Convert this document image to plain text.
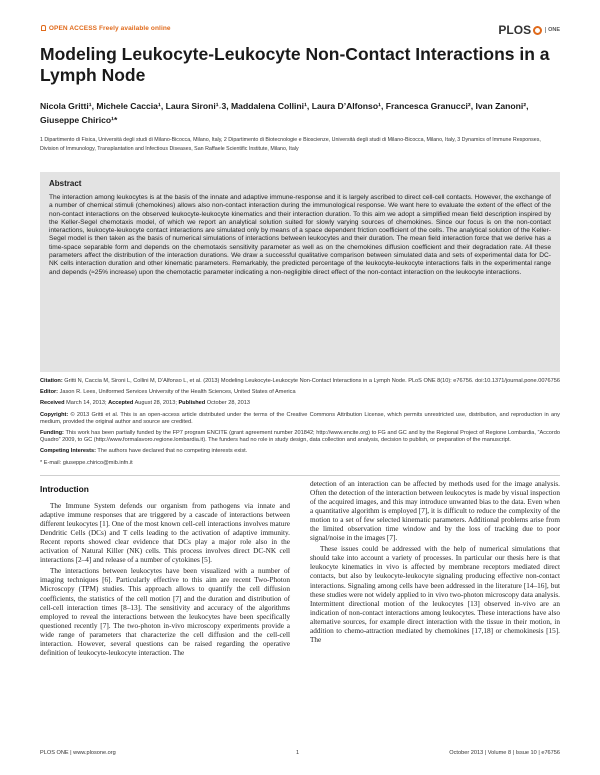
OPEN ACCESS Freely available online	PLOS	ONE
Modeling Leukocyte-Leukocyte Non-Contact Interactions in a Lymph Node
Nicola Gritti¹, Michele Caccia¹, Laura Sironi¹˒3, Maddalena Collini¹, Laura D’Alfonso¹, Francesca Granucci², Ivan Zanoni², Giuseppe Chirico¹*
1 Dipartimento di Fisica, Università degli studi di Milano-Bicocca, Milano, Italy, 2 Dipartimento di Biotecnologie e Bioscienze, Università degli studi di Milano-Bicocca, Milano, Italy, 3 Dynamics of Immune Responses, Division of Immunology, Transplantation and Infectious Diseases, San Raffaele Scientific Institute, Milano, Italy
Abstract

The interaction among leukocytes is at the basis of the innate and adaptive immune-response and it is largely ascribed to direct cell-cell contacts. However, the exchange of a number of chemical stimuli (chemokines) allows also non-contact interaction during the immunological response. We want here to evaluate the extent of the effect of the non-contact interactions on the observed leukocyte-leukocyte kinematics and their interaction duration. To this aim we adopt a simplified mean field description inspired by the Keller-Segel chemotaxis model, of which we report an analytical solution suited for slowly varying sources of chemokines. Since our focus is on the non-contact interactions, leukocyte-leukocyte contact interactions are simulated only by means of a space dependent friction coefficient of the cells. The analytical solution of the Keller-Segel model is then taken as the basis of numerical simulations of interactions between leukocytes and their duration. The mean field interaction force that we derive has a time-space separable form and depends on the chemotaxis sensitivity parameter as well as on the chemokines diffusion coefficient and their degradation rate. All these parameters affect the distribution of the interaction durations. We draw a successful qualitative comparison between simulated data and sets of experimental data for DC-NK cells interaction duration and other kinematic parameters. Remarkably, the predicted percentage of the leukocyte-leukocyte interactions falls in the experimental range and depends (≈25% increase) upon the chemotactic parameter indicating a non-negligible direct effect of the non-contact interaction on the leukocyte interactions.

Citation: Gritti N, Caccia M, Sironi L, Collini M, D’Alfonso L, et al. (2013) Modeling Leukocyte-Leukocyte Non-Contact Interactions in a Lymph Node. PLoS ONE 8(10): e76756. doi:10.1371/journal.pone.0076756

Editor: Jason R. Lees, Uniformed Services University of the Health Sciences, United States of America

Received March 14, 2013; Accepted August 28, 2013; Published October 28, 2013

Copyright: © 2013 Gritti et al. This is an open-access article distributed under the terms of the Creative Commons Attribution License, which permits unrestricted use, distribution, and reproduction in any medium, provided the original author and source are credited.

Funding: This work has been partially funded by the FP7 program ENCITE (grant agreement number 201842; http://www.encite.org) to FG and GC and by the Regional Project of Regione Lombardia, “Accordo Quadro” 2009, to GC (http://www.formalavoro.regione.lombardia.it). The funders had no role in study design, data collection and analysis, decision to publish, or preparation of the manuscript.

Competing Interests: The authors have declared that no competing interests exist.

* E-mail: giuseppe.chirico@mib.infn.it

Introduction

The Immune System defends our organism from pathogens via innate and adaptive immune responses that are triggered by a cascade of interactions between different leukocytes [1]. One of the most known cell-cell interactions involves mature Dendritic Cells (DCs) and T cells leading to the activation of adaptive immunity. Recent reports showed clear evidence that DCs play a major role also in the activation of Natural Killer (NK) cells. This process involves direct DC-NK cell interactions [2–4] and release of a number of cytokines [5].

The interactions between leukocytes have been visualized with a number of imaging techniques [6]. Particularly effective to this aim are recent Two-Photon Microscopy (TPM) studies. This approach allows to quantify the cell diffusion coefficients, the statistics of the cell motion [7] and the duration and distribution of cell-cell interaction times [8–13]. The sensitivity and accuracy of the algorithms employed to reveal the interactions between the leukocytes have been specifically questioned recently [7]. The two-photon in-vivo microscopy experiments provide a wide range of parameters that characterize the cell diffusion and the cell-cell interaction. However, several questions can be raised regarding the operative definition of leukocyte-leukocyte interaction. The

detection of an interaction can be affected by methods used for the image analysis. Often the detection of the interaction between leukocytes is made by visual inspection of the acquired images, and this may introduce unwanted bias to the data. Even when a quantitative algorithm is employed [7], it is difficult to reduce the complexity of the motion to a set of few selected kinematic parameters. Additional problems arise from the limited observation time window and by the loss of tracking due to poor signal/noise in the images [7].

These issues could be addressed with the help of numerical simulations that should take into account a variety of processes. In particular our thesis here is that leukocyte kinematics in vivo is affected by membrane receptors mediated direct contacts, but also by leukocyte-leukocyte signaling producing effective non-contact interactions. Signaling among cells have been addressed in the literature [14–16], but these studies were not widely applied to in vivo two-photon microscopy data analysis. Intermittent directional motion of the leukocytes [13] observed in-vivo are an indication of non-contact interactions among leukocytes. These interactions have also alternative sources, for example direct interaction with the tissue in their motion, in addition to chemo-attraction mediated by chemokines [17,18] or chemokinesis [15]. The

PLOS ONE | www.plosone.org	1	October 2013 | Volume 8 | Issue 10 | e76756
